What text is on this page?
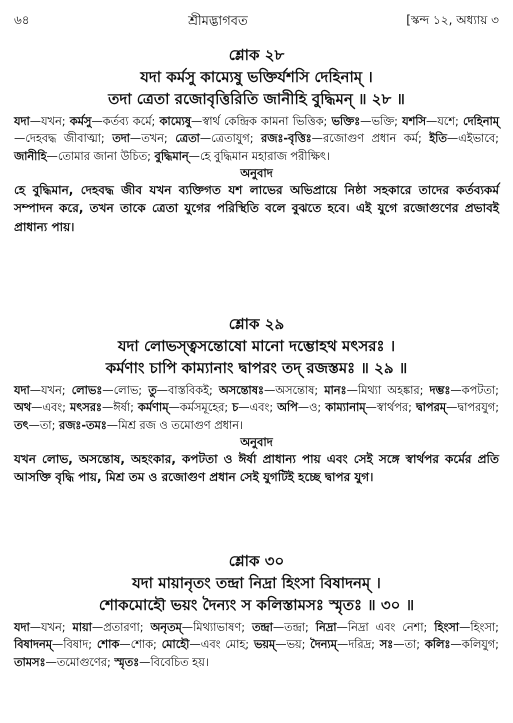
৬৪	শ্রীমদ্ভাগবত	[স্কন্দ ১২, অধ্যায় ৩

শ্লোক ২৮

যদা কর্মসু কাম্যেষু ভক্তির্যশসি দেহিনাম্ ।

তদা ত্রেতা রজোবৃত্তিরিতি জানীহি বুদ্ধিমন্ ॥ ২৮ ॥

যদা—যখন; কর্মসু—কর্তব্য কর্মে; কাম্যেষু—স্বার্থ কেন্দ্রিক কামনা ভিত্তিক; ভক্তিঃ—ভক্তি; যশসি—যশে; দেহিনাম্—দেহবদ্ধ জীবাত্মা; তদা—তখন; ত্রেতা—ত্রেতাযুগ; রজঃ-বৃত্তিঃ—রজোগুণ প্রধান কর্ম; ইতি—এইভাবে; জানীহি—তোমার জানা উচিত; বুদ্ধিমান্—হে বুদ্ধিমান মহারাজ পরীক্ষিৎ।

অনুবাদ

হে বুদ্ধিমান, দেহবদ্ধ জীব যখন ব্যক্তিগত যশ লাভের অভিপ্রায়ে নিষ্ঠা সহকারে তাদের কর্তব্যকর্ম সম্পাদন করে, তখন তাকে ত্রেতা যুগের পরিস্থিতি বলে বুঝতে হবে। এই যুগে রজোগুণের প্রভাবই প্রাধান্য পায়।

শ্লোক ২৯

যদা লোভস্ত্বসন্তোষো মানো দম্ভোহথ মৎসরঃ ।

কর্মণাং চাপি কাম্যানাং দ্বাপরং তদ্ রজস্তমঃ ॥ ২৯ ॥

যদা—যখন; লোভঃ—লোভ; তু—বাস্তবিকই; অসন্তোষঃ—অসন্তোষ; মানঃ—মিথ্যা অহঙ্কার; দম্ভঃ—কপটতা; অথ—এবং; মৎসরঃ—ঈর্ষা; কর্মণাম্—কর্মসমূহের; চ—এবং; অপি—ও; কাম্যানাম্—স্বার্থপর; দ্বাপরম্—দ্বাপরযুগ; তৎ—তা; রজঃ-তমঃ—মিশ্র রজ ও তমোগুণ প্রধান।

অনুবাদ

যখন লোভ, অসন্তোষ, অহংকার, কপটতা ও ঈর্ষা প্রাধান্য পায় এবং সেই সঙ্গে স্বার্থপর কর্মের প্রতি আসক্তি বৃদ্ধি পায়, মিশ্র তম ও রজোগুণ প্রধান সেই যুগটিই হচ্ছে দ্বাপর যুগ।

শ্লোক ৩০

যদা মায়ানৃতং তন্দ্রা নিদ্রা হিংসা বিষাদনম্ ।

শোকমোহৌ ভয়ং দৈন্যং স কলিস্তামসঃ স্মৃতঃ ॥ ৩০ ॥

যদা—যখন; মায়া—প্রতারণা; অনৃতম্—মিথ্যাভাষণ; তন্দ্রা—তন্দ্রা; নিদ্রা—নিদ্রা এবং নেশা; হিংসা—হিংসা; বিষাদনম্—বিষাদ; শোক—শোক; মোহৌ—এবং মোহ; ভয়ম্—ভয়; দৈন্যম্—দরিদ্র; সঃ—তা; কলিঃ—কলিযুগ; তামসঃ—তমোগুণের; স্মৃতঃ—বিবেচিত হয়।
